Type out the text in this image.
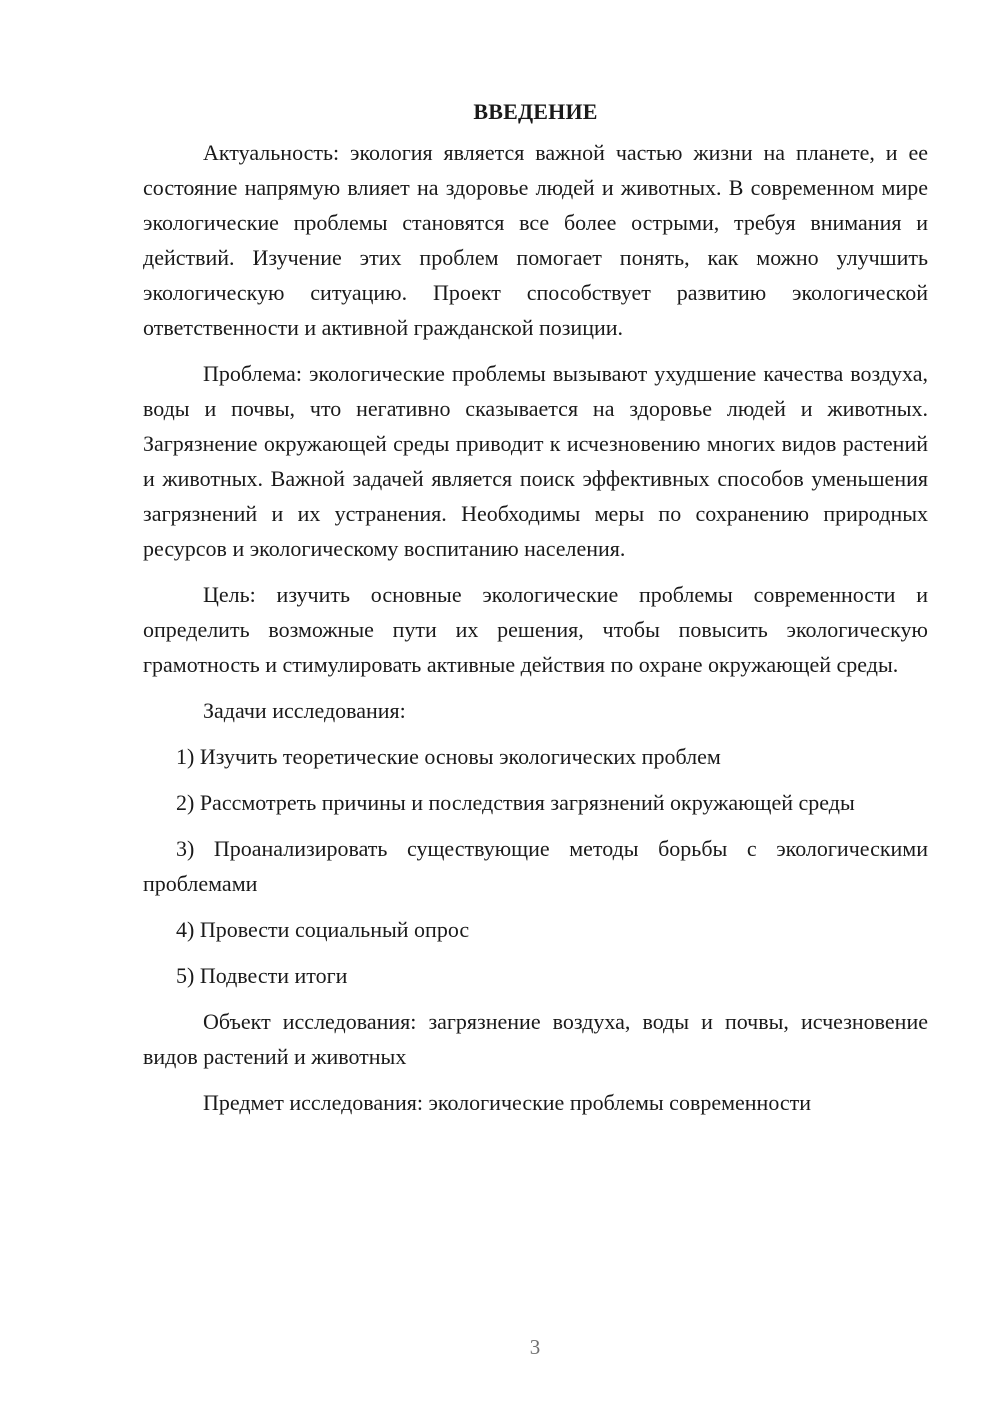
ВВЕДЕНИЕ

Актуальность: экология является важной частью жизни на планете, и ее состояние напрямую влияет на здоровье людей и животных. В современном мире экологические проблемы становятся все более острыми, требуя внимания и действий. Изучение этих проблем помогает понять, как можно улучшить экологическую ситуацию. Проект способствует развитию экологической ответственности и активной гражданской позиции.

Проблема: экологические проблемы вызывают ухудшение качества воздуха, воды и почвы, что негативно сказывается на здоровье людей и животных. Загрязнение окружающей среды приводит к исчезновению многих видов растений и животных. Важной задачей является поиск эффективных способов уменьшения загрязнений и их устранения. Необходимы меры по сохранению природных ресурсов и экологическому воспитанию населения.

Цель: изучить основные экологические проблемы современности и определить возможные пути их решения, чтобы повысить экологическую грамотность и стимулировать активные действия по охране окружающей среды.

Задачи исследования:

1) Изучить теоретические основы экологических проблем

2) Рассмотреть причины и последствия загрязнений окружающей среды

3) Проанализировать существующие методы борьбы с экологическими проблемами

4) Провести социальный опрос

5) Подвести итоги

Объект исследования: загрязнение воздуха, воды и почвы, исчезновение видов растений и животных

Предмет исследования: экологические проблемы современности

3
